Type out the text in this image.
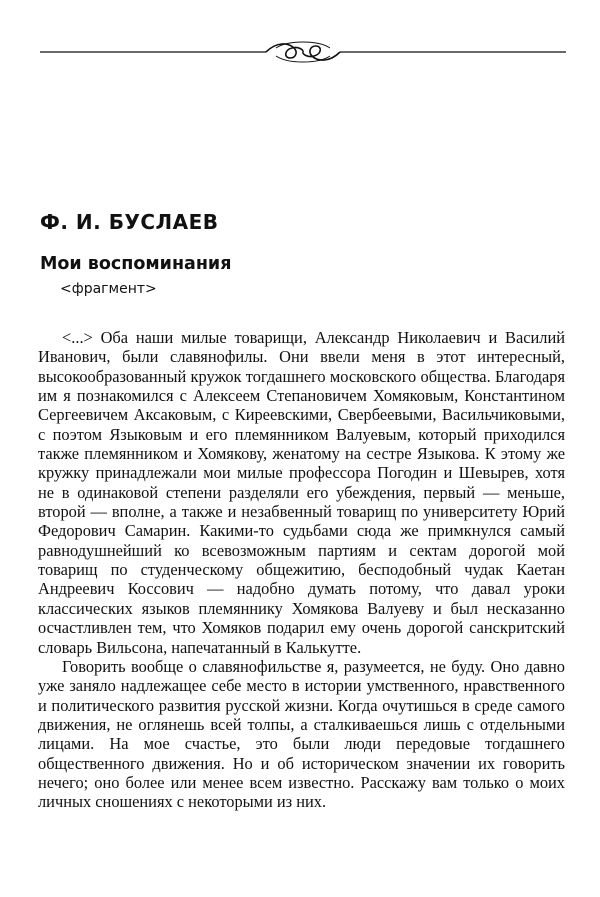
Ф. И. БУСЛАЕВ
Мои воспоминания
<фрагмент>

<...> Оба наши милые товарищи, Александр Николаевич и Василий Иванович, были славянофилы. Они ввели меня в этот интересный, высокообразованный кружок тогдашнего московского общества. Благодаря им я познакомился с Алексеем Степановичем Хомяковым, Константином Сергеевичем Аксаковым, с Киреевскими, Свербеевыми, Васильчиковыми, с поэтом Языковым и его племянником Валуевым, который приходился также племянником и Хомякову, женатому на сестре Языкова. К этому же кружку принадлежали мои милые профессора Погодин и Шевырев, хотя не в одинаковой степени разделяли его убеждения, первый — меньше, второй — вполне, а также и незабвенный товарищ по университету Юрий Федорович Самарин. Какими-то судьбами сюда же примкнулся самый равнодушнейший ко всевозможным партиям и сектам дорогой мой товарищ по студенческому общежитию, бесподобный чудак Каетан Андреевич Коссович — надобно думать потому, что давал уроки классических языков племяннику Хомякова Валуеву и был несказанно осчастливлен тем, что Хомяков подарил ему очень дорогой санскритский словарь Вильсона, напечатанный в Калькутте.

Говорить вообще о славянофильстве я, разумеется, не буду. Оно давно уже заняло надлежащее себе место в истории умственного, нравственного и политического развития русской жизни. Когда очутишься в среде самого движения, не оглянешь всей толпы, а сталкиваешься лишь с отдельными лицами. На мое счастье, это были люди передовые тогдашнего общественного движения. Но и об историческом значении их говорить нечего; оно более или менее всем известно. Расскажу вам только о моих личных сношениях с некоторыми из них.
